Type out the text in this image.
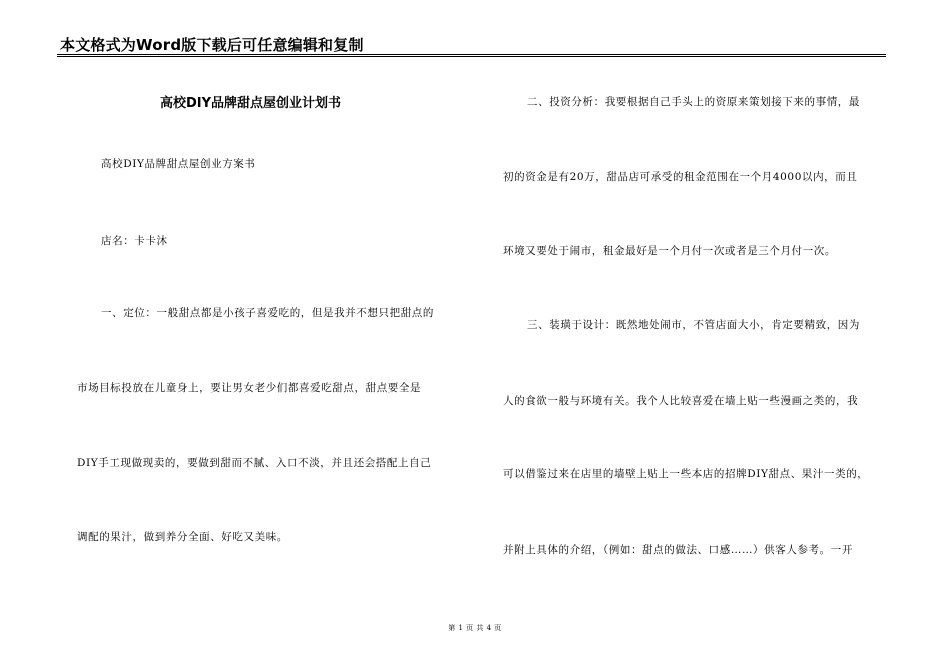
本文格式为Word版下载后可任意编辑和复制
高校DIY品牌甜点屋创业计划书
高校DIY品牌甜点屋创业方案书
店名：卡卡沐
一、定位：一般甜点都是小孩子喜爱吃的，但是我并不想只把甜点的
市场目标投放在儿童身上，要让男女老少们都喜爱吃甜点，甜点要全是
DIY手工现做现卖的，要做到甜而不腻、入口不淡，并且还会搭配上自己
调配的果汁，做到养分全面、好吃又美味。
二、投资分析：我要根据自己手头上的资原来策划接下来的事情，最
初的资金是有20万，甜品店可承受的租金范围在一个月4000以内，而且
环境又要处于闹市，租金最好是一个月付一次或者是三个月付一次。
三、装璜于设计：既然地处闹市，不管店面大小，肯定要精致，因为
人的食欲一般与环境有关。我个人比较喜爱在墙上贴一些漫画之类的，我
可以借鉴过来在店里的墙壁上贴上一些本店的招牌DIY甜点、果汁一类的，
并附上具体的介绍，（例如：甜点的做法、口感……）供客人参考。一开
第 1 页 共 4 页
